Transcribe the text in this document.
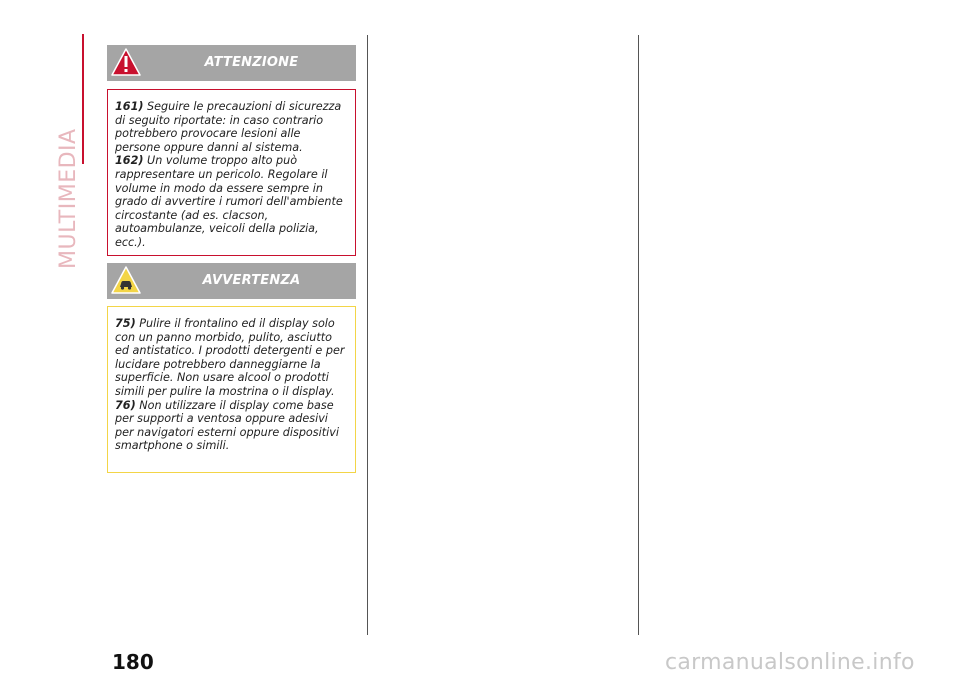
MULTIMEDIA
ATTENZIONE
161) Seguire le precauzioni di sicurezza di seguito riportate: in caso contrario potrebbero provocare lesioni alle persone oppure danni al sistema.
162) Un volume troppo alto può rappresentare un pericolo. Regolare il volume in modo da essere sempre in grado di avvertire i rumori dell'ambiente circostante (ad es. clacson, autoambulanze, veicoli della polizia, ecc.).
AVVERTENZA
75) Pulire il frontalino ed il display solo con un panno morbido, pulito, asciutto ed antistatico. I prodotti detergenti e per lucidare potrebbero danneggiarne la superficie. Non usare alcool o prodotti simili per pulire la mostrina o il display.
76) Non utilizzare il display come base per supporti a ventosa oppure adesivi per navigatori esterni oppure dispositivi smartphone o simili.
180	carmanualsonline.info
